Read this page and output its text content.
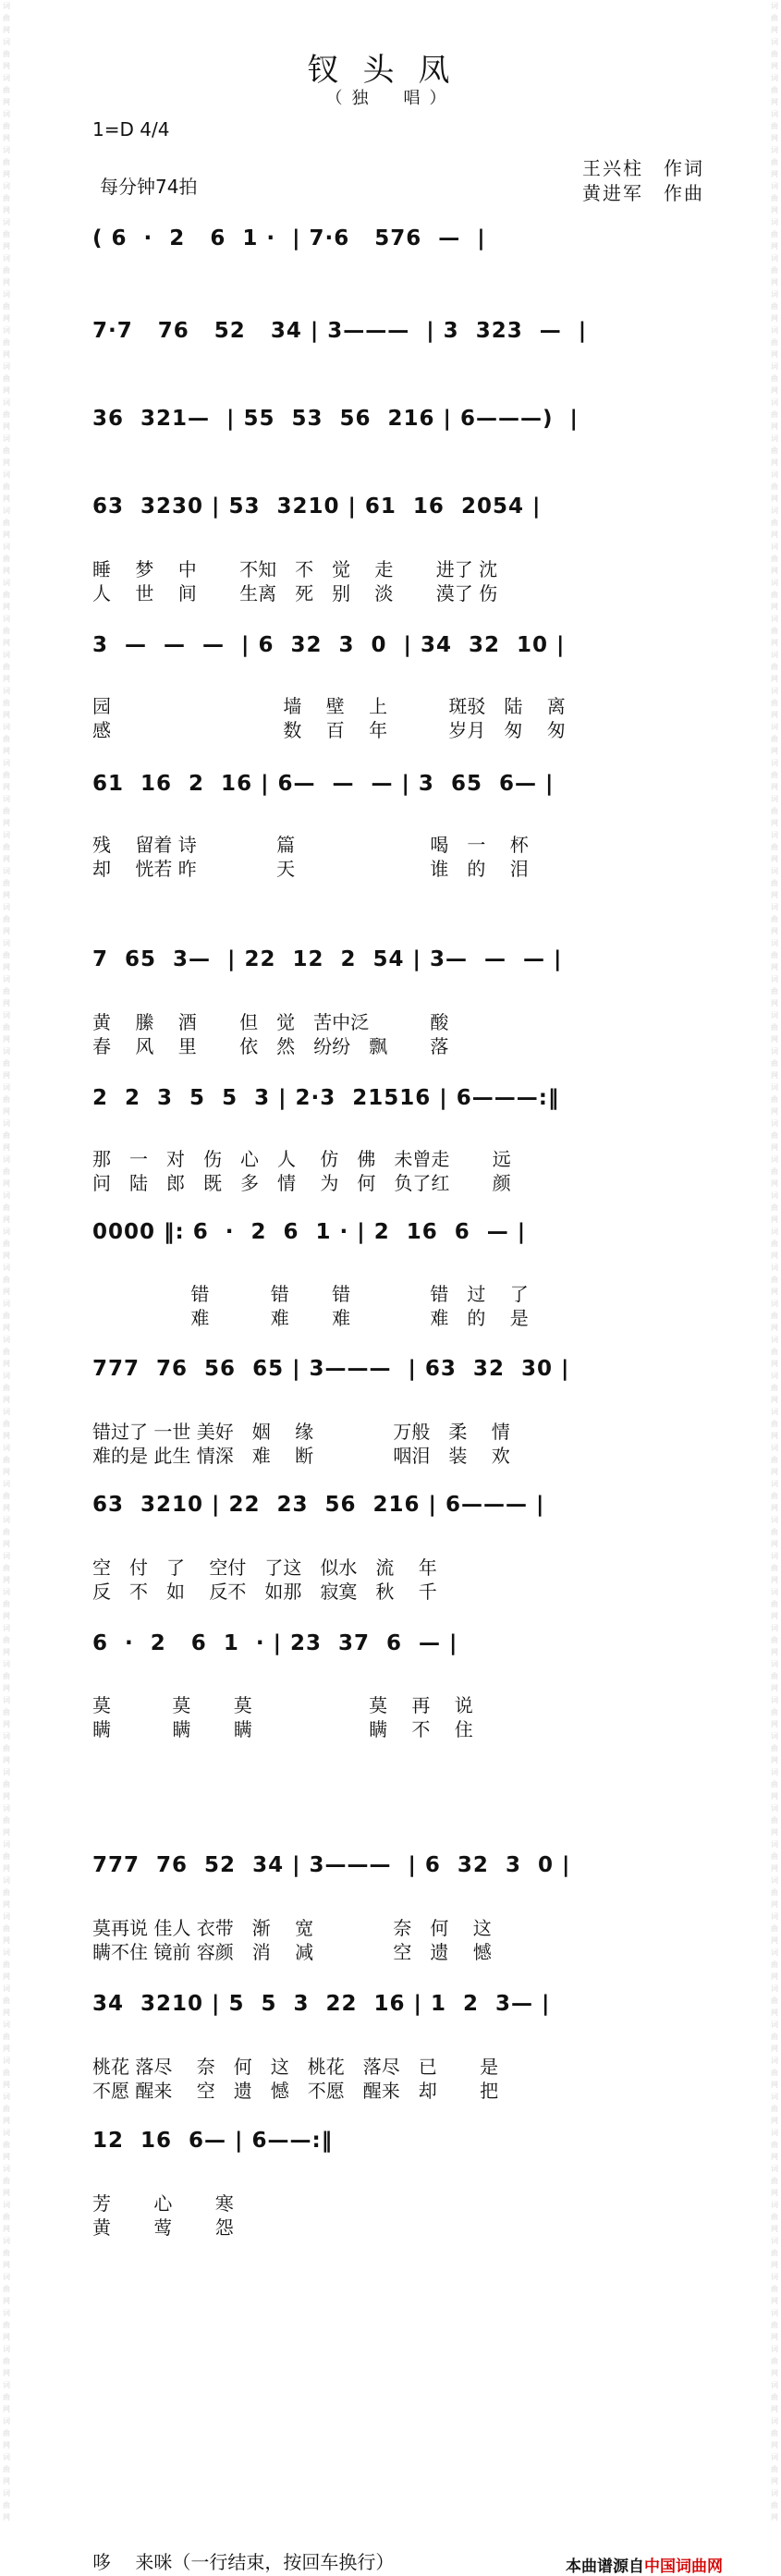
词
曲
网
词
曲
网
词
曲
网
词
曲
网
词
曲
网
词
曲
网
词
曲
网
词
曲
网
词
曲
网
词
曲
网
词
曲
网
词
曲
网
词
曲
网
词
曲
网
词
曲
网
词
曲
网
词
曲
网
词
曲
网
词
曲
网
词
曲
网
词
曲
网
词
曲
网
词
曲
网
词
曲
网
词
曲
网
词
曲
网
词
曲
网
词
曲
网
词
曲
网
词
曲
网
词
曲
网
词
曲
网
词
曲
网
词
曲
网
词
曲
网
词
曲
网
词
曲
网
词
曲
网
词
曲
网
词
曲
网
词
曲
网
词
曲
网
词
曲
网
词
曲
网
词
曲
网
词
曲
网
词
曲
网
词
曲
网
词
曲
网
词
曲
网
词
曲
网
词
曲
网
词
曲
网
词
曲
网
词
曲
网
词
曲
网
词
曲
网
词
曲
网
词
曲
网
词
曲
网
词
曲
网
词
曲
网
词
曲
网
词
曲
网
词
曲
网
词
曲
网
词
曲
网
词
曲
网
词
曲
网
词
曲
网
词
曲
网
词
曲
网
词
曲
网
词
曲
网
词
曲
网
词
曲
网
词
曲
网
词
曲
网
词
曲
网
词
曲
网
词
曲
网
词
曲
网
词
曲
网
词
曲
网
词
曲
网
词
曲
网
词
曲
网
词
曲
网
词
曲
网
词
曲
网
词
曲
网
词
曲
网
词
曲
网
词
曲
网
词
曲
网
词
曲
网
词
曲
网
词
曲
网
词
曲
网
词
曲
网
词
曲
网
词
曲
网
词
曲
网
词
曲
网
词
曲
网
词
曲
网
词
曲
网
词
曲
网
词
曲
网
词
曲
网
词
曲
网
词
曲
网
词
曲
网
词
曲
网
词
曲
网
词
曲
网
词
曲
网
词
曲
网
词
曲
网
词
曲
网
词
曲
网
词
曲
网
词
曲
网
词
曲
网
词
曲
网
词
曲
网
词
曲
网
词
曲
网
词
曲
网
词
曲
网
词
曲
网
词
曲
网
词
曲
网
词
曲
网
词
曲
网
词
曲
网
词
曲
网
词
曲
网
词
曲
网
词
曲
网
钗头凤
（独　唱）
1=D 4/4
每分钟74拍
王兴柱　作词
黄进军　作曲
( 6  ·  2   6  1 ·  | 7·6   576  —  |
7·7   76   52   34 | 3———  | 3  323  —  |
36  321—  | 55  53  56  216 | 6———)  |
63  3230 | 53  3210 | 61  16  2054 |
睡　 梦　 中　　 不知　不　觉　 走　　 进了 沈
人　 世　 间　　 生离　死　别　 淡　　 漠了 伤
3  —  —  —  | 6  32  3  0  | 34  32  10 |
园　　　　　　　　　 墙　 壁　 上　　　 斑驳　陆　 离
感　　　　　　　　　 数　 百　 年　　　 岁月　匆　 匆
61  16  2  16 | 6—  —  — | 3  65  6— |
残　 留着 诗　　　　 篇　　　　　　　 喝　一　 杯
却　 恍若 昨　　　　 天　　　　　　　 谁　的　 泪
7  65  3—  | 22  12  2  54 | 3—  —  — |
黄　 縢　 酒　　 但　觉　苦中泛　　　 酸
春　 风　 里　　 依　然　纷纷　飘　　 落
2  2  3  5  5  3 | 2·3  21516 | 6———:‖
那　一　对　伤　心　人　 仿　佛　未曾走　　 远
问　陆　郎　既　多　情　 为　何　负了红　　 颜
0000 ‖: 6  ·  2  6  1 · | 2  16  6  — |
　　　　　 错　　　 错　　 错　　　　 错　过　 了
　　　　　 难　　　 难　　 难　　　　 难　的　 是
777  76  56  65 | 3———  | 63  32  30 |
错过了 一世 美好　姻　 缘　　　　 万般　柔　 情
难的是 此生 情深　难　 断　　　　 咽泪　装　 欢
63  3210 | 22  23  56  216 | 6——— |
空　付　了　 空付　了这　似水　流　 年
反　不　如　 反不　如那　寂寞　秋　 千
6  ·  2   6  1  · | 23  37  6  — |
莫　　　 莫　　 莫　　　　　　 莫　 再　 说
瞒　　　 瞒　　 瞒　　　　　　 瞒　 不　 住
777  76  52  34 | 3———  | 6  32  3  0 |
莫再说 佳人 衣带　渐　 宽　　　　 奈　何　 这
瞒不住 镜前 容颜　消　 减　　　　 空　遗　 憾
34  3210 | 5  5  3  22  16 | 1  2  3— |
桃花 落尽　 奈　何　这　桃花　落尽　已　　 是
不愿 醒来　 空　遗　憾　不愿　醒来　却　　 把
12  16  6— | 6——:‖
芳　　 心　　 寒
黄　　 莺　　 怨
哆　 来咪（一行结束，按回车换行）	本曲谱源自中国词曲网
